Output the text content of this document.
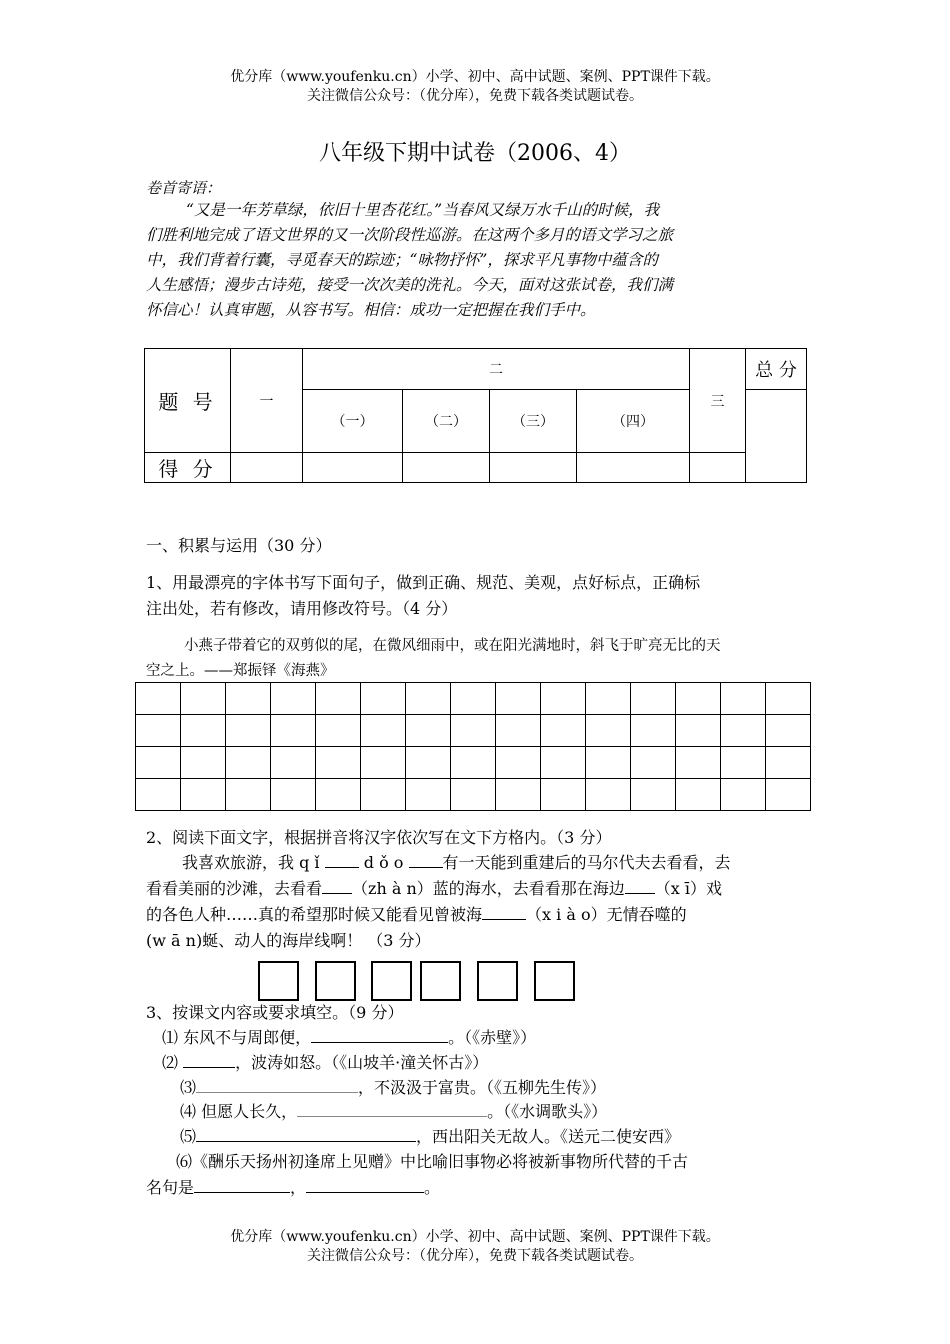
优分库（www.youfenku.cn）小学、初中、高中试题、案例、PPT课件下载。
关注微信公众号：（优分库），免费下载各类试题试卷。
八年级下期中试卷（2006、4）
卷首寄语：
“又是一年芳草绿，依旧十里杏花红。”当春风又绿万水千山的时候，我
们胜利地完成了语文世界的又一次阶段性巡游。在这两个多月的语文学习之旅
中，我们背着行囊，寻觅春天的踪迹；“咏物抒怀”，探求平凡事物中蕴含的
人生感悟；漫步古诗苑，接受一次次美的洗礼。今天，面对这张试卷，我们满
怀信心！认真审题，从容书写。相信：成功一定把握在我们手中。
题 号	一	二				三	总 分
		（一）	（二）	（三）	（四）		
得 分							
一、积累与运用（30 分）
1、用最漂亮的字体书写下面句子，做到正确、规范、美观，点好标点，正确标
注出处，若有修改，请用修改符号。（4 分）
小燕子带着它的双剪似的尾，在微风细雨中，或在阳光满地时，斜飞于旷亮无比的天
空之上。——郑振铎《海燕》

2、阅读下面文字，根据拼音将汉字依次写在文下方格内。（3 分）
我喜欢旅游，我 q ǐ	d ǒ o 有一天能到重建后的马尔代夫去看看，去
看看美丽的沙滩，去看看 （zh à n）蓝的海水，去看看那在海边 （x ī）戏
的各色人种……真的希望那时候又能看见曾被海	（x i à o）无情吞噬的
(w ā n)蜒、动人的海岸线啊！ （3 分）
3、按课文内容或要求填空。（9 分）
⑴ 东风不与周郎便，	。（《赤壁》）
⑵	，波涛如怒。（《山坡羊·潼关怀古》）
⑶	，不汲汲于富贵。（《五柳先生传》）
⑷ 但愿人长久，	。（《水调歌头》）
⑸	，西出阳关无故人。《送元二使安西》
⑹《酬乐天扬州初逢席上见赠》中比喻旧事物必将被新事物所代替的千古
名句是	，	。
优分库（www.youfenku.cn）小学、初中、高中试题、案例、PPT课件下载。
关注微信公众号：（优分库），免费下载各类试题试卷。
